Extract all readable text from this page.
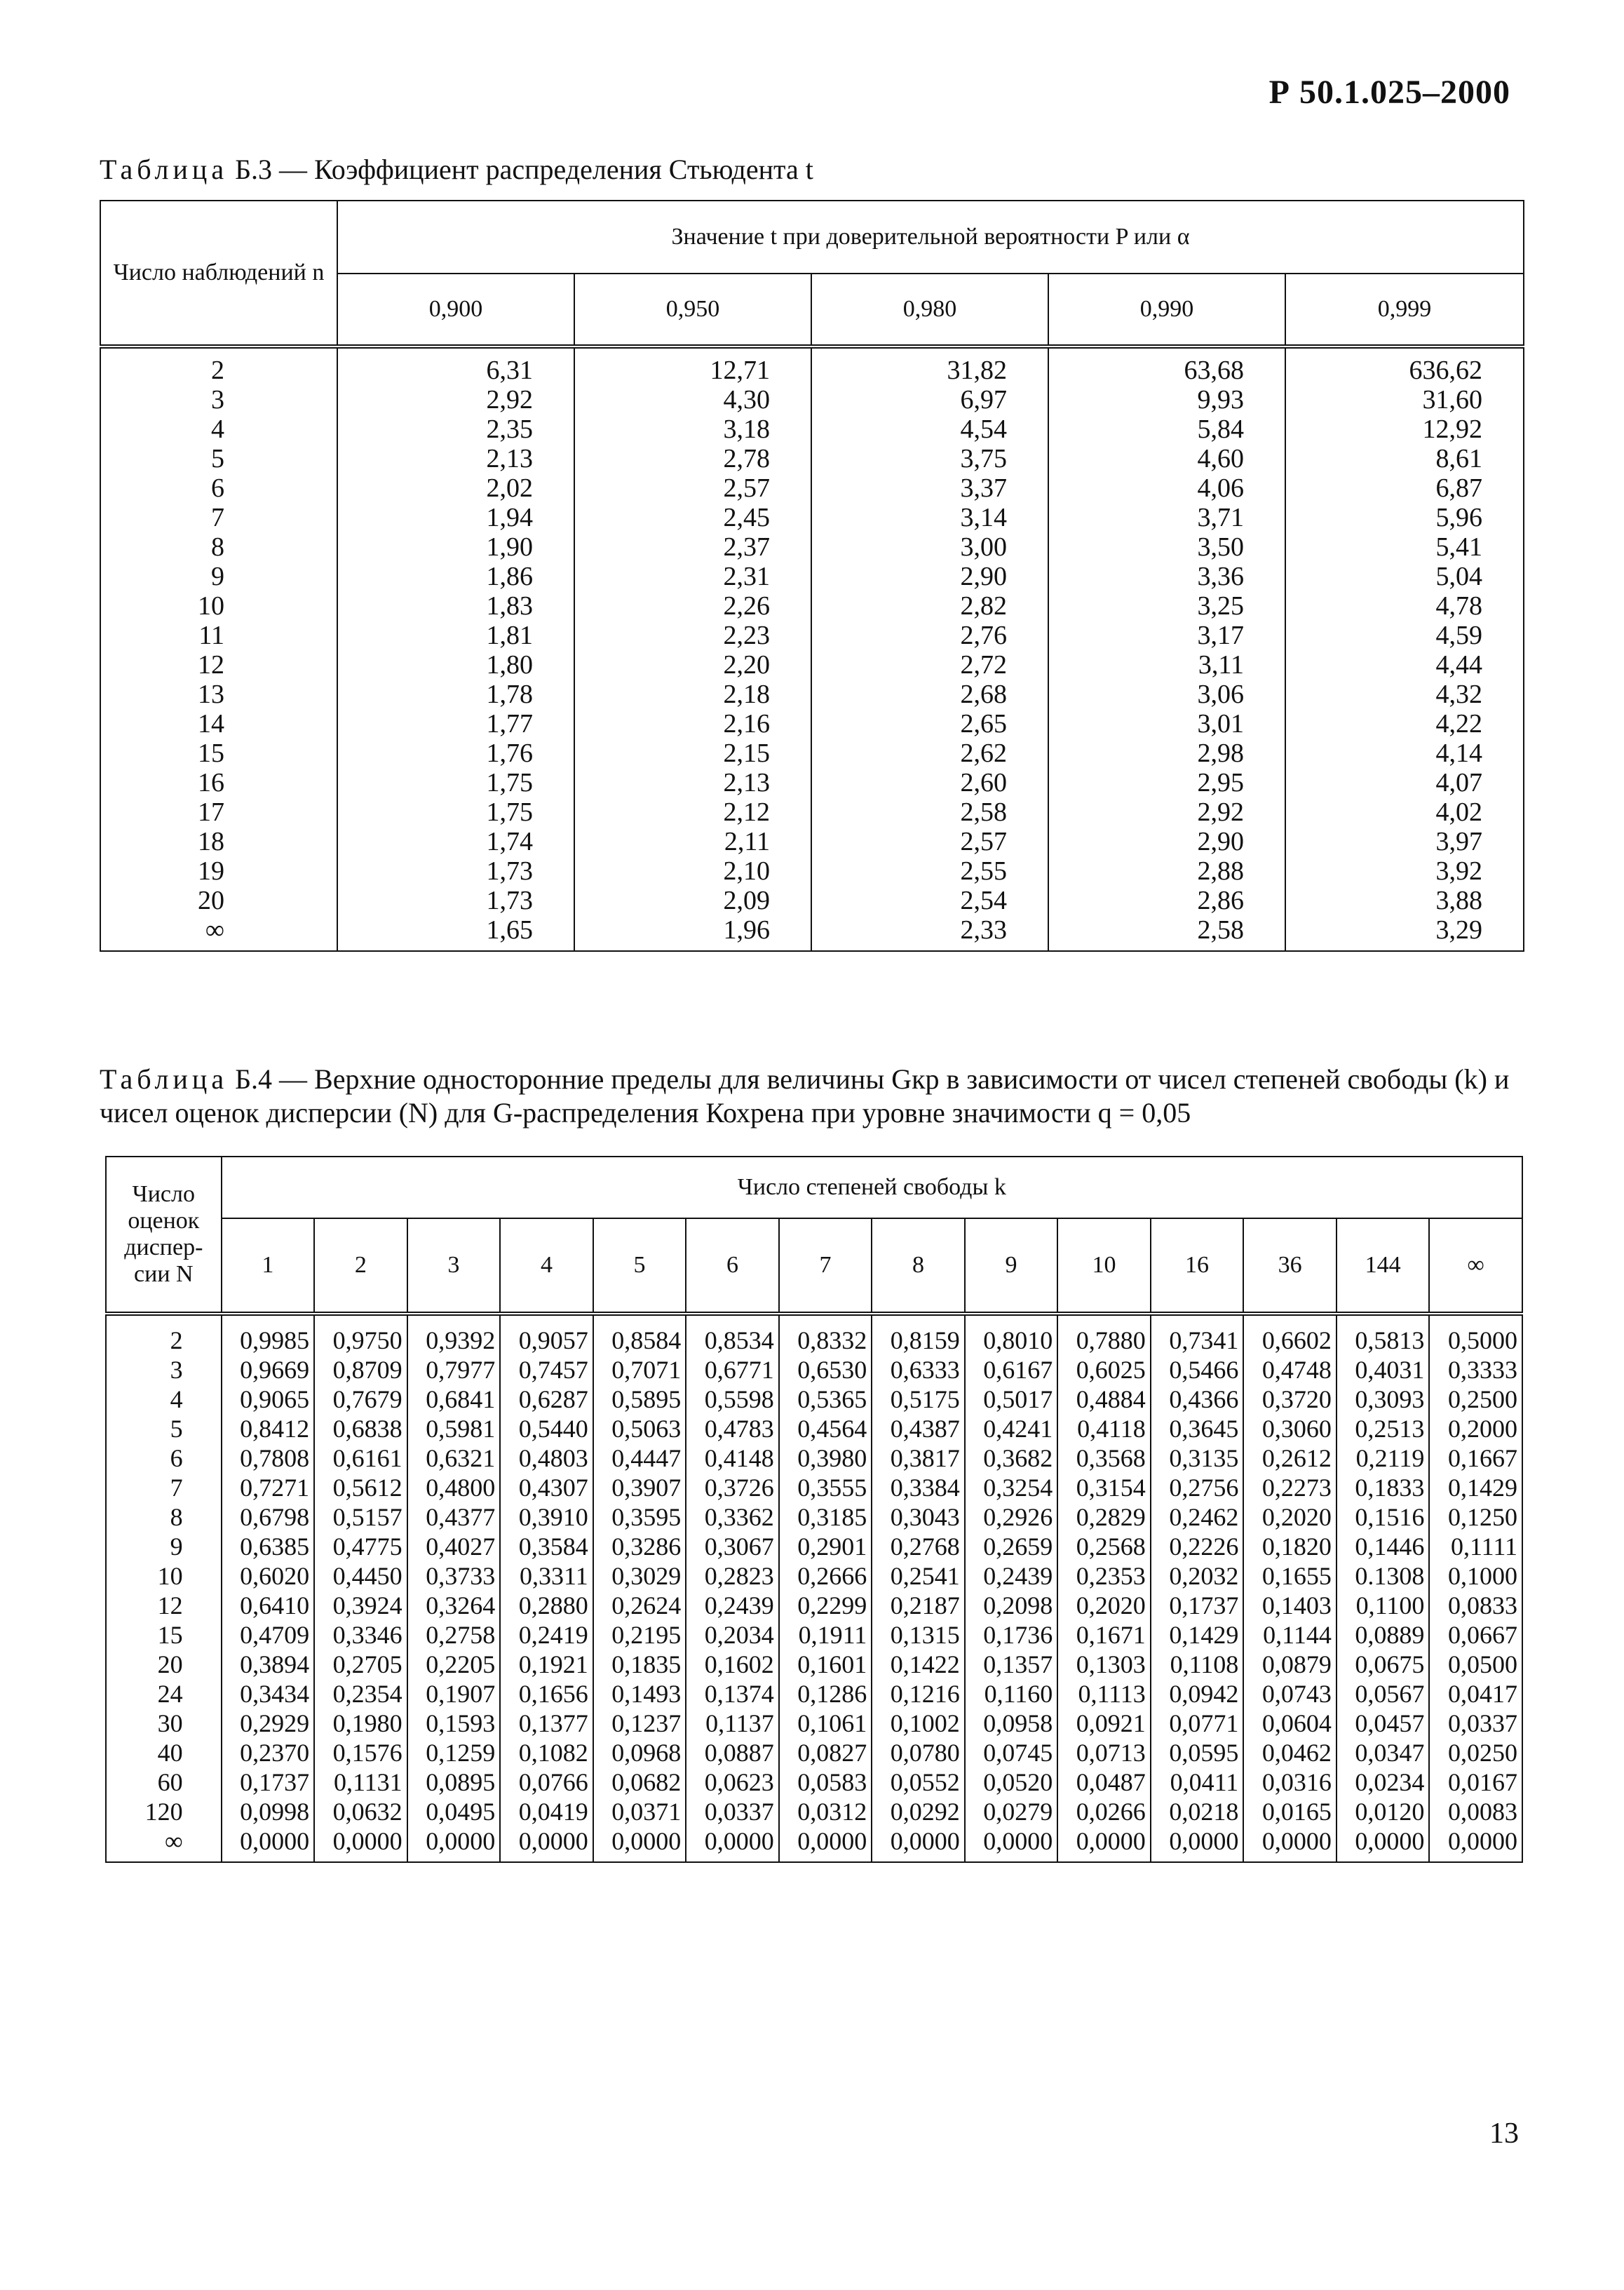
Р 50.1.025–2000
Таблица Б.3 — Коэффициент распределения Стьюдента t
Число наблюдений n	Значение t при доверительной вероятности P или α				
	0,900	0,950	0,980	0,990	0,999

2	6,31	12,71	31,82	63,68	636,62
3	2,92	4,30	6,97	9,93	31,60
4	2,35	3,18	4,54	5,84	12,92
5	2,13	2,78	3,75	4,60	8,61
6	2,02	2,57	3,37	4,06	6,87
7	1,94	2,45	3,14	3,71	5,96
8	1,90	2,37	3,00	3,50	5,41
9	1,86	2,31	2,90	3,36	5,04
10	1,83	2,26	2,82	3,25	4,78
11	1,81	2,23	2,76	3,17	4,59
12	1,80	2,20	2,72	3,11	4,44
13	1,78	2,18	2,68	3,06	4,32
14	1,77	2,16	2,65	3,01	4,22
15	1,76	2,15	2,62	2,98	4,14
16	1,75	2,13	2,60	2,95	4,07
17	1,75	2,12	2,58	2,92	4,02
18	1,74	2,11	2,57	2,90	3,97
19	1,73	2,10	2,55	2,88	3,92
20	1,73	2,09	2,54	2,86	3,88
∞	1,65	1,96	2,33	2,58	3,29
Таблица Б.4 — Верхние односторонние пределы для величины Gкр в зависимости от чисел степеней свободы (k) и чисел оценок дисперсии (N) для G-распределения Кохрена при уровне значимости q = 0,05
Число оценок диспер-сии N	Число степеней свободы k													
	1	2	3	4	5	6	7	8	9	10	16	36	144	∞

2	0,9985	0,9750	0,9392	0,9057	0,8584	0,8534	0,8332	0,8159	0,8010	0,7880	0,7341	0,6602	0,5813	0,5000
3	0,9669	0,8709	0,7977	0,7457	0,7071	0,6771	0,6530	0,6333	0,6167	0,6025	0,5466	0,4748	0,4031	0,3333
4	0,9065	0,7679	0,6841	0,6287	0,5895	0,5598	0,5365	0,5175	0,5017	0,4884	0,4366	0,3720	0,3093	0,2500
5	0,8412	0,6838	0,5981	0,5440	0,5063	0,4783	0,4564	0,4387	0,4241	0,4118	0,3645	0,3060	0,2513	0,2000
6	0,7808	0,6161	0,6321	0,4803	0,4447	0,4148	0,3980	0,3817	0,3682	0,3568	0,3135	0,2612	0,2119	0,1667
7	0,7271	0,5612	0,4800	0,4307	0,3907	0,3726	0,3555	0,3384	0,3254	0,3154	0,2756	0,2273	0,1833	0,1429
8	0,6798	0,5157	0,4377	0,3910	0,3595	0,3362	0,3185	0,3043	0,2926	0,2829	0,2462	0,2020	0,1516	0,1250
9	0,6385	0,4775	0,4027	0,3584	0,3286	0,3067	0,2901	0,2768	0,2659	0,2568	0,2226	0,1820	0,1446	0,1111
10	0,6020	0,4450	0,3733	0,3311	0,3029	0,2823	0,2666	0,2541	0,2439	0,2353	0,2032	0,1655	0.1308	0,1000
12	0,6410	0,3924	0,3264	0,2880	0,2624	0,2439	0,2299	0,2187	0,2098	0,2020	0,1737	0,1403	0,1100	0,0833
15	0,4709	0,3346	0,2758	0,2419	0,2195	0,2034	0,1911	0,1315	0,1736	0,1671	0,1429	0,1144	0,0889	0,0667
20	0,3894	0,2705	0,2205	0,1921	0,1835	0,1602	0,1601	0,1422	0,1357	0,1303	0,1108	0,0879	0,0675	0,0500
24	0,3434	0,2354	0,1907	0,1656	0,1493	0,1374	0,1286	0,1216	0,1160	0,1113	0,0942	0,0743	0,0567	0,0417
30	0,2929	0,1980	0,1593	0,1377	0,1237	0,1137	0,1061	0,1002	0,0958	0,0921	0,0771	0,0604	0,0457	0,0337
40	0,2370	0,1576	0,1259	0,1082	0,0968	0,0887	0,0827	0,0780	0,0745	0,0713	0,0595	0,0462	0,0347	0,0250
60	0,1737	0,1131	0,0895	0,0766	0,0682	0,0623	0,0583	0,0552	0,0520	0,0487	0,0411	0,0316	0,0234	0,0167
120	0,0998	0,0632	0,0495	0,0419	0,0371	0,0337	0,0312	0,0292	0,0279	0,0266	0,0218	0,0165	0,0120	0,0083
∞	0,0000	0,0000	0,0000	0,0000	0,0000	0,0000	0,0000	0,0000	0,0000	0,0000	0,0000	0,0000	0,0000	0,0000
13
